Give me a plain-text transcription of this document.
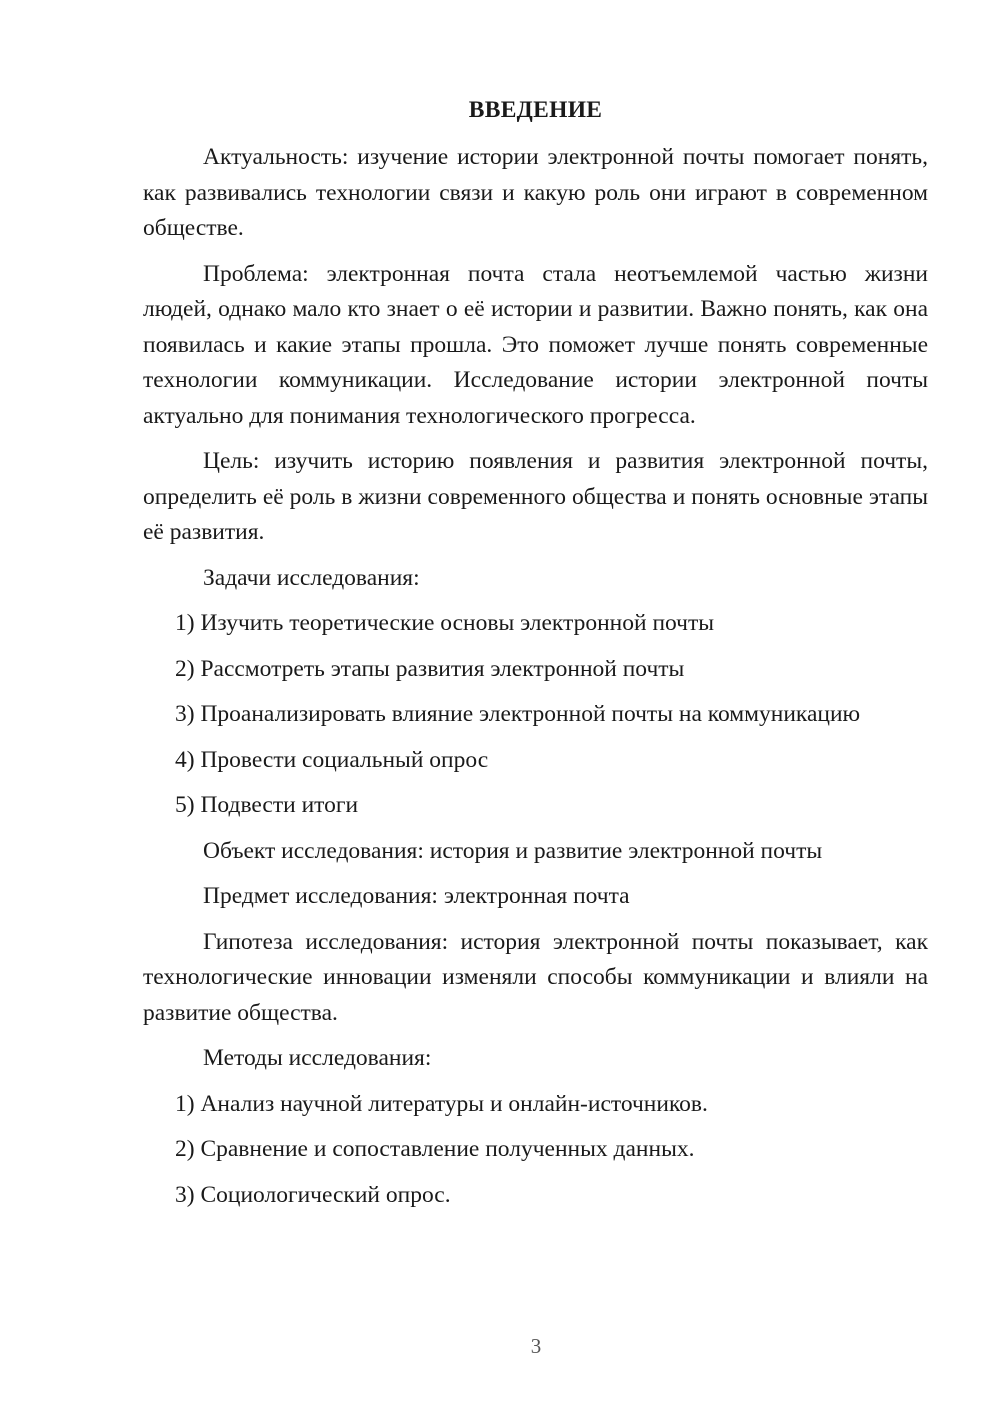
ВВЕДЕНИЕ

Актуальность: изучение истории электронной почты помогает понять, как развивались технологии связи и какую роль они играют в современном обществе.

Проблема: электронная почта стала неотъемлемой частью жизни людей, однако мало кто знает о её истории и развитии. Важно понять, как она появилась и какие этапы прошла. Это поможет лучше понять современные технологии коммуникации. Исследование истории электронной почты актуально для понимания технологического прогресса.

Цель: изучить историю появления и развития электронной почты, определить её роль в жизни современного общества и понять основные этапы её развития.

Задачи исследования:
1) Изучить теоретические основы электронной почты
2) Рассмотреть этапы развития электронной почты
3) Проанализировать влияние электронной почты на коммуникацию
4) Провести социальный опрос
5) Подвести итоги
Объект исследования: история и развитие электронной почты
Предмет исследования: электронная почта

Гипотеза исследования: история электронной почты показывает, как технологические инновации изменяли способы коммуникации и влияли на развитие общества.

Методы исследования:
1) Анализ научной литературы и онлайн-источников.
2) Сравнение и сопоставление полученных данных.
3) Социологический опрос.
3
